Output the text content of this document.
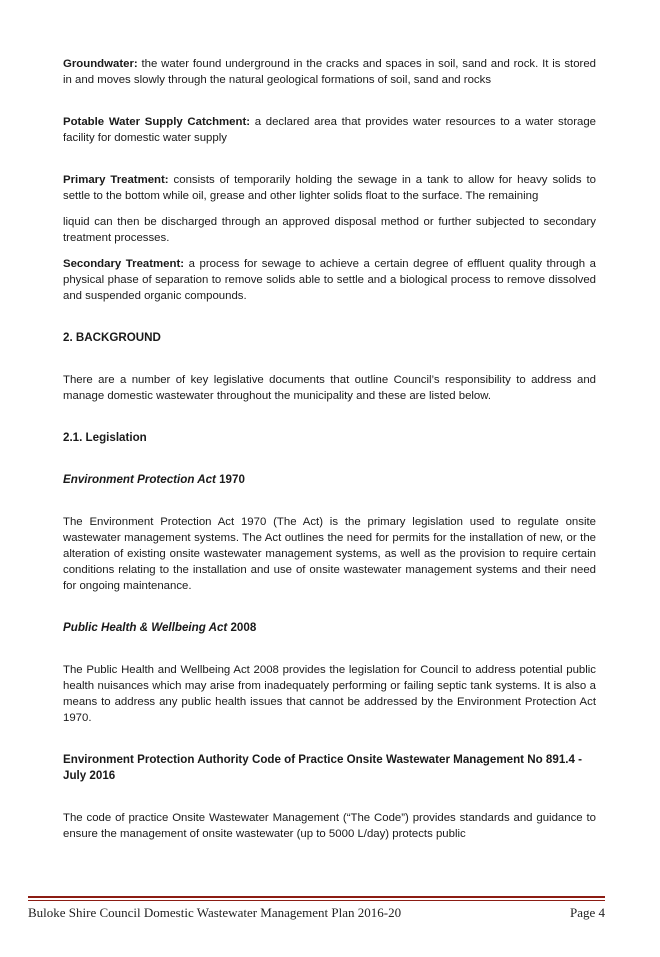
Groundwater: the water found underground in the cracks and spaces in soil, sand and rock. It is stored in and moves slowly through the natural geological formations of soil, sand and rocks

Potable Water Supply Catchment: a declared area that provides water resources to a water storage facility for domestic water supply

Primary Treatment: consists of temporarily holding the sewage in a tank to allow for heavy solids to settle to the bottom while oil, grease and other lighter solids float to the surface. The remaining

liquid can then be discharged through an approved disposal method or further subjected to secondary treatment processes.

Secondary Treatment: a process for sewage to achieve a certain degree of effluent quality through a physical phase of separation to remove solids able to settle and a biological process to remove dissolved and suspended organic compounds.

2. BACKGROUND

There are a number of key legislative documents that outline Council’s responsibility to address and manage domestic wastewater throughout the municipality and these are listed below.

2.1. Legislation
Environment Protection Act 1970

The Environment Protection Act 1970 (The Act) is the primary legislation used to regulate onsite wastewater management systems. The Act outlines the need for permits for the installation of new, or the alteration of existing onsite wastewater management systems, as well as the provision to require certain conditions relating to the installation and use of onsite wastewater management systems and their need for ongoing maintenance.

Public Health & Wellbeing Act 2008

The Public Health and Wellbeing Act 2008 provides the legislation for Council to address potential public health nuisances which may arise from inadequately performing or failing septic tank systems. It is also a means to address any public health issues that cannot be addressed by the Environment Protection Act 1970.

Environment Protection Authority Code of Practice Onsite Wastewater Management No 891.4 - July 2016

The code of practice Onsite Wastewater Management (“The Code”) provides standards and guidance to ensure the management of onsite wastewater (up to 5000 L/day) protects public

Buloke Shire Council Domestic Wastewater Management Plan 2016-20	Page 4
